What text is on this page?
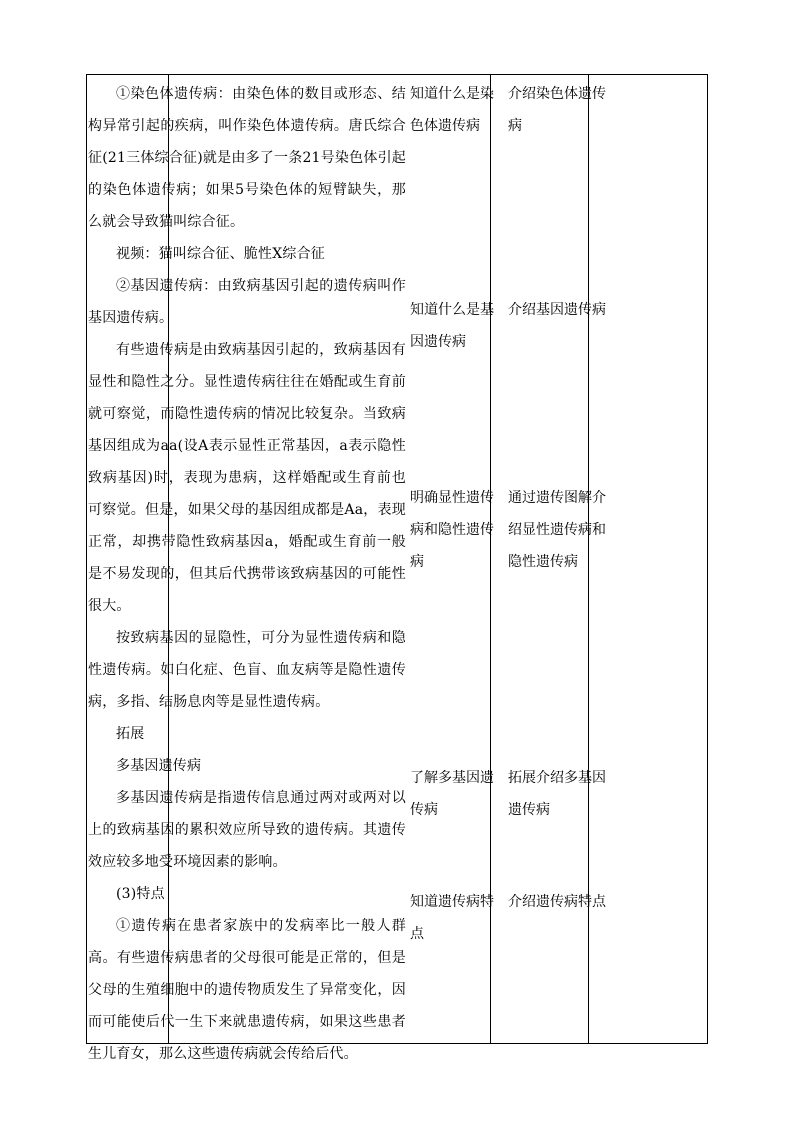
①染色体遗传病：由染色体的数目或形态、结构异常引起的疾病，叫作染色体遗传病。唐氏综合征(21三体综合征)就是由多了一条21号染色体引起的染色体遗传病；如果5号染色体的短臂缺失，那么就会导致猫叫综合征。

视频：猫叫综合征、脆性X综合征

②基因遗传病：由致病基因引起的遗传病叫作基因遗传病。

有些遗传病是由致病基因引起的，致病基因有显性和隐性之分。显性遗传病往往在婚配或生育前就可察觉，而隐性遗传病的情况比较复杂。当致病基因组成为aa(设A表示显性正常基因，a表示隐性致病基因)时，表现为患病，这样婚配或生育前也可察觉。但是，如果父母的基因组成都是Aa，表现正常，却携带隐性致病基因a，婚配或生育前一般是不易发现的，但其后代携带该致病基因的可能性很大。

按致病基因的显隐性，可分为显性遗传病和隐性遗传病。如白化症、色盲、血友病等是隐性遗传病，多指、结肠息肉等是显性遗传病。

拓展

多基因遗传病

多基因遗传病是指遗传信息通过两对或两对以上的致病基因的累积效应所导致的遗传病。其遗传效应较多地受环境因素的影响。

(3)特点

①遗传病在患者家族中的发病率比一般人群高。有些遗传病患者的父母很可能是正常的，但是父母的生殖细胞中的遗传物质发生了异常变化，因而可能使后代一生下来就患遗传病，如果这些患者生儿育女，那么这些遗传病就会传给后代。

知道什么是染色体遗传病
知道什么是基因遗传病
明确显性遗传病和隐性遗传病
了解多基因遗传病
知道遗传病特点
介绍染色体遗传病
介绍基因遗传病
通过遗传图解介绍显性遗传病和隐性遗传病
拓展介绍多基因遗传病
介绍遗传病特点
